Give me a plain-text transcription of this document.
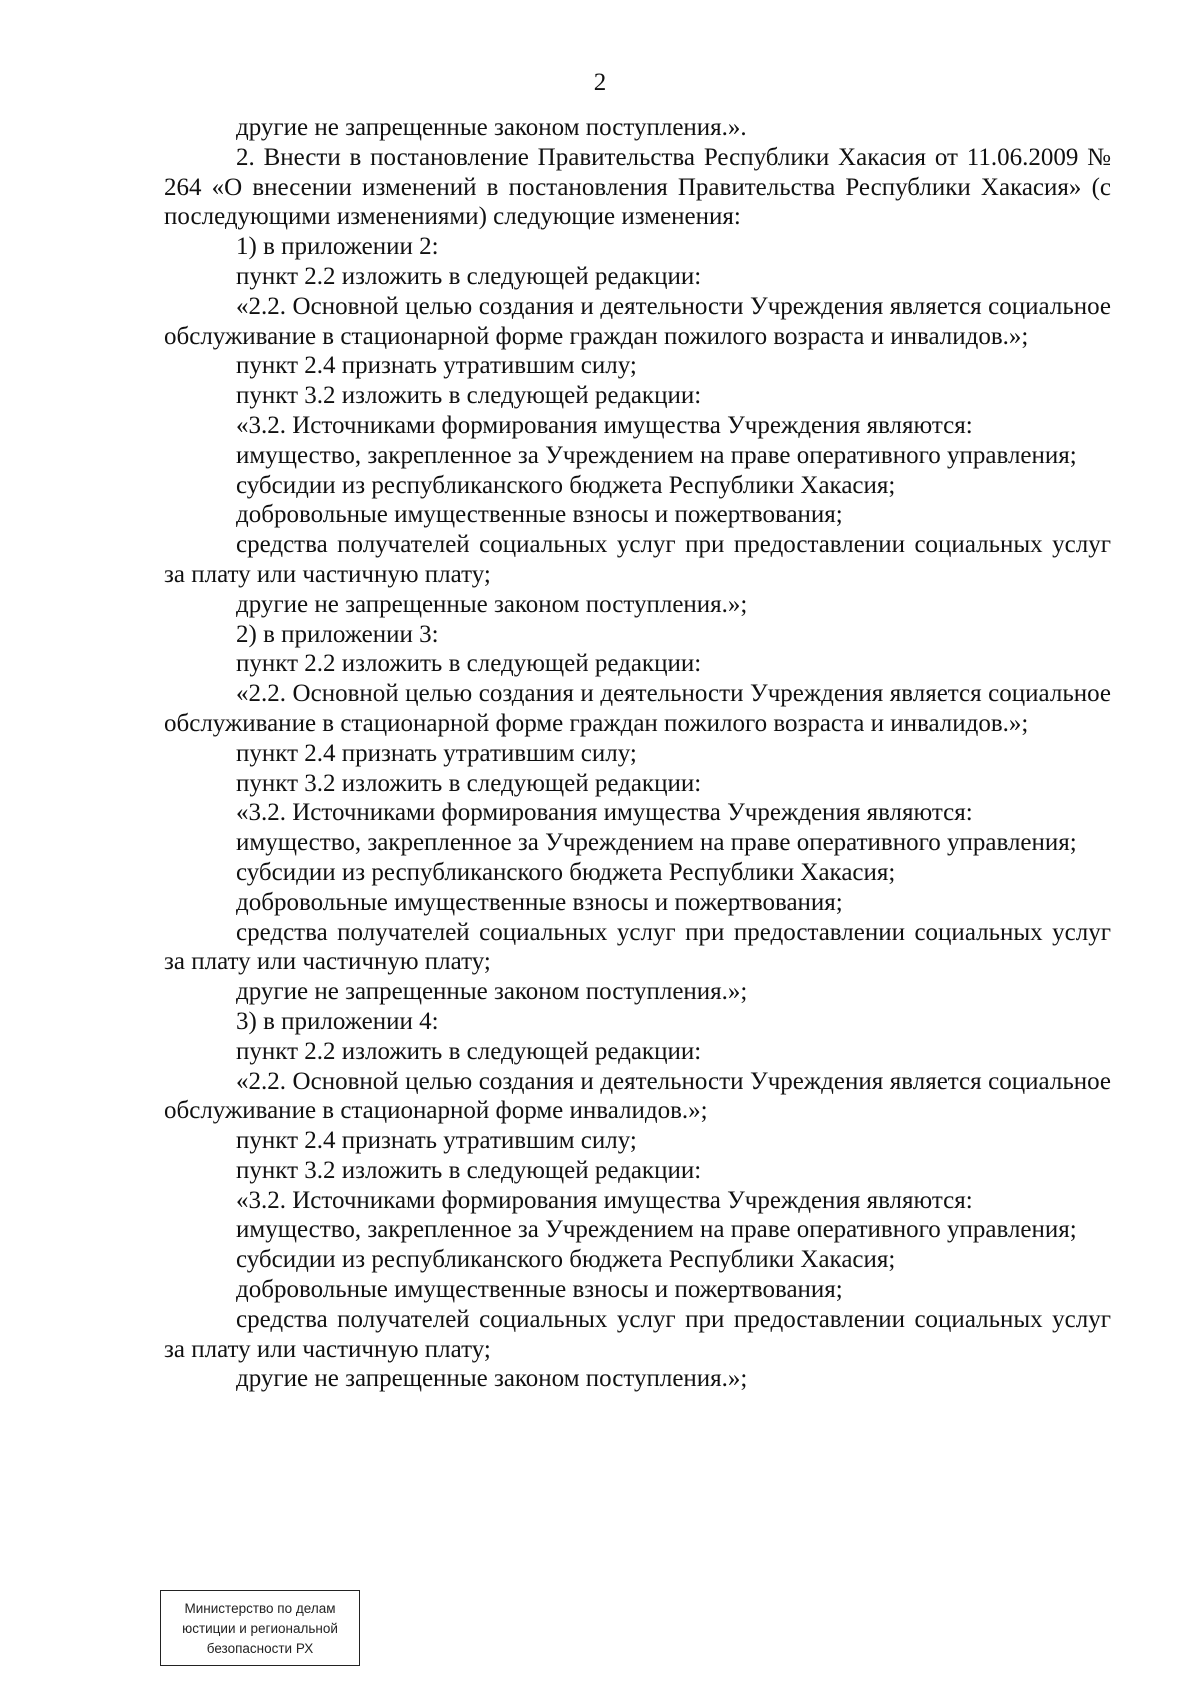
2

другие не запрещенные законом поступления.».

2. Внести в постановление Правительства Республики Хакасия от 11.06.2009 № 264 «О внесении изменений в постановления Правительства Республики Хакасия» (с последующими изменениями) следующие изменения:

1) в приложении 2:

пункт 2.2 изложить в следующей редакции:

«2.2. Основной целью создания и деятельности Учреждения является социальное обслуживание в стационарной форме граждан пожилого возраста и инвалидов.»;

пункт 2.4 признать утратившим силу;

пункт 3.2 изложить в следующей редакции:

«3.2. Источниками формирования имущества Учреждения являются:

имущество, закрепленное за Учреждением на праве оперативного управления;

субсидии из республиканского бюджета Республики Хакасия;

добровольные имущественные взносы и пожертвования;

средства получателей социальных услуг при предоставлении социальных услуг за плату или частичную плату;

другие не запрещенные законом поступления.»;

2) в приложении 3:

пункт 2.2 изложить в следующей редакции:

«2.2. Основной целью создания и деятельности Учреждения является социальное обслуживание в стационарной форме граждан пожилого возраста и инвалидов.»;

пункт 2.4 признать утратившим силу;

пункт 3.2 изложить в следующей редакции:

«3.2. Источниками формирования имущества Учреждения являются:

имущество, закрепленное за Учреждением на праве оперативного управления;

субсидии из республиканского бюджета Республики Хакасия;

добровольные имущественные взносы и пожертвования;

средства получателей социальных услуг при предоставлении социальных услуг за плату или частичную плату;

другие не запрещенные законом поступления.»;

3) в приложении 4:

пункт 2.2 изложить в следующей редакции:

«2.2. Основной целью создания и деятельности Учреждения является социальное обслуживание в стационарной форме инвалидов.»;

пункт 2.4 признать утратившим силу;

пункт 3.2 изложить в следующей редакции:

«3.2. Источниками формирования имущества Учреждения являются:

имущество, закрепленное за Учреждением на праве оперативного управления;

субсидии из республиканского бюджета Республики Хакасия;

добровольные имущественные взносы и пожертвования;

средства получателей социальных услуг при предоставлении социальных услуг за плату или частичную плату;

другие не запрещенные законом поступления.»;

Министерство по делам
юстиции и региональной
безопасности РХ
